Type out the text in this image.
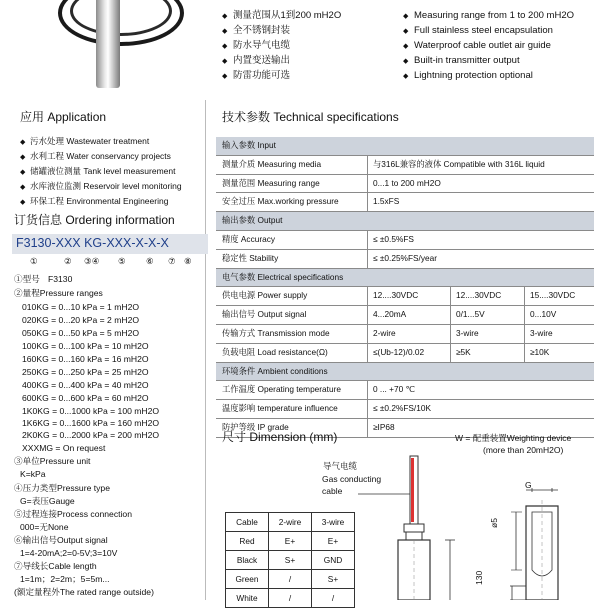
◆ 测量范围从1到200 mH2O
◆ 全不锈钢封装
◆ 防水导气电缆
◆ 内置变送输出
◆ 防雷功能可选
◆ Measuring range from 1 to 200 mH2O
◆ Full stainless steel encapsulation
◆ Waterproof cable outlet air guide
◆ Built-in transmitter output
◆ Lightning protection optional
应用 Application
◆ 污水处理 Wastewater treatment
◆ 水利工程 Water conservancy projects
◆ 储罐液位测量 Tank level measurement
◆ 水库液位监测 Reservoir level monitoring
◆ 环保工程 Environmental Engineering
订货信息 Ordering information
F3130-XXX KG-XXX-X-X-X
①	② ③④ ⑤ ⑥ ⑦ ⑧
①型号 F3130
②量程Pressure ranges
010KG = 0...10 kPa = 1 mH2O
020KG = 0...20 kPa = 2 mH2O
050KG = 0...50 kPa = 5 mH2O
100KG = 0...100 kPa = 10 mH2O
160KG = 0...160 kPa = 16 mH2O
250KG = 0...250 kPa = 25 mH2O
400KG = 0...400 kPa = 40 mH2O
600KG = 0...600 kPa = 60 mH2O
1K0KG = 0...1000 kPa = 100 mH2O
1K6KG = 0...1600 kPa = 160 mH2O
2K0KG = 0...2000 kPa = 200 mH2O
XXXMG = On request
③单位Pressure unit
K=kPa
④压力类型Pressure type
G=表压Gauge
⑤过程连接Process connection
000=无None
⑥输出信号Output signal
1=4-20mA;2=0-5V;3=10V
⑦导线长Cable length
1=1m；2=2m；5=5m...
(额定量程外The rated range outside)
技术参数 Technical specifications
输入参数 Input
测量介质 Measuring media	与316L兼容的液体 Compatible with 316L liquid
测量范围 Measuring range	0...1 to 200 mH2O
安全过压 Max.working pressure	1.5xFS
输出参数 Output
精度 Accuracy	≤ ±0.5%FS
稳定性 Stability	≤ ±0.25%FS/year
电气参数 Electrical specifications
供电电源 Power supply	12....30VDC	12....30VDC	15....30VDC
输出信号 Output signal	4...20mA	0/1...5V	0...10V
传输方式 Transmission mode	2-wire	3-wire	3-wire
负载电阻 Load resistance(Ω)	≤(Ub-12)/0.02	≥5K	≥10K
环境条件 Ambient conditions
工作温度 Operating temperature	0 ... +70 ℃
温度影响 temperature influence	≤ ±0.2%FS/10K
防护等级 IP grade	≥IP68
尺寸 Dimension (mm)	W = 配重装置Weighting device
(more than 20mH2O)
导气电缆
Gas conducting
cable
G
ø5
130
Cable	2-wire	3-wire
Red	E+	E+
Black	S+	GND
Green	/	S+
White	/	/
